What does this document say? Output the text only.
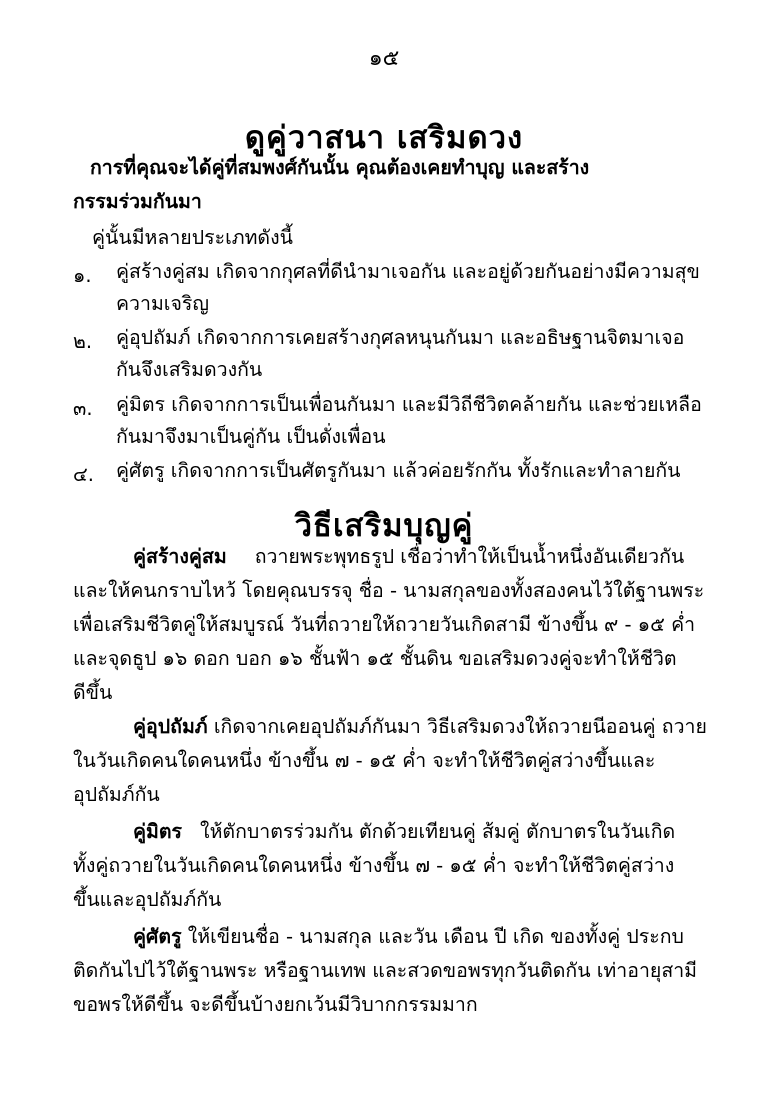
๑๕
ดูคู่วาสนา เสริมดวง
การที่คุณจะได้คู่ที่สมพงศ์กันนั้น คุณต้องเคยทำบุญ และสร้าง
กรรมร่วมกันมา
คู่นั้นมีหลายประเภทดังนี้
๑. คู่สร้างคู่สม เกิดจากกุศลที่ดีนำมาเจอกัน และอยู่ด้วยกันอย่างมีความสุข
ความเจริญ
๒. คู่อุปถัมภ์ เกิดจากการเคยสร้างกุศลหนุนกันมา และอธิษฐานจิตมาเจอ
กันจึงเสริมดวงกัน
๓. คู่มิตร เกิดจากการเป็นเพื่อนกันมา และมีวิถีชีวิตคล้ายกัน และช่วยเหลือ
กันมาจึงมาเป็นคู่กัน เป็นดั่งเพื่อน
๔. คู่ศัตรู เกิดจากการเป็นศัตรูกันมา แล้วค่อยรักกัน ทั้งรักและทำลายกัน
วิธีเสริมบุญคู่
คู่สร้างคู่สม ถวายพระพุทธรูป เชื่อว่าทำให้เป็นน้ำหนึ่งอันเดียวกัน
และให้คนกราบไหว้ โดยคุณบรรจุ ชื่อ - นามสกุลของทั้งสองคนไว้ใต้ฐานพระ
เพื่อเสริมชีวิตคู่ให้สมบูรณ์ วันที่ถวายให้ถวายวันเกิดสามี ข้างขึ้น ๙ - ๑๕ ค่ำ
และจุดธูป ๑๖ ดอก บอก ๑๖ ชั้นฟ้า ๑๕ ชั้นดิน ขอเสริมดวงคู่จะทำให้ชีวิต
ดีขึ้น
คู่อุปถัมภ์ เกิดจากเคยอุปถัมภ์กันมา วิธีเสริมดวงให้ถวายนีออนคู่ ถวาย
ในวันเกิดคนใดคนหนึ่ง ข้างขึ้น ๗ - ๑๕ ค่ำ จะทำให้ชีวิตคู่สว่างขึ้นและ
อุปถัมภ์กัน
คู่มิตร ให้ตักบาตรร่วมกัน ตักด้วยเทียนคู่ ส้มคู่ ตักบาตรในวันเกิด
ทั้งคู่ถวายในวันเกิดคนใดคนหนึ่ง ข้างขึ้น ๗ - ๑๕ ค่ำ จะทำให้ชีวิตคู่สว่าง
ขึ้นและอุปถัมภ์กัน
คู่ศัตรู ให้เขียนชื่อ - นามสกุล และวัน เดือน ปี เกิด ของทั้งคู่ ประกบ
ติดกันไปไว้ใต้ฐานพระ หรือฐานเทพ และสวดขอพรทุกวันติดกัน เท่าอายุสามี
ขอพรให้ดีขึ้น จะดีขึ้นบ้างยกเว้นมีวิบากกรรมมาก
